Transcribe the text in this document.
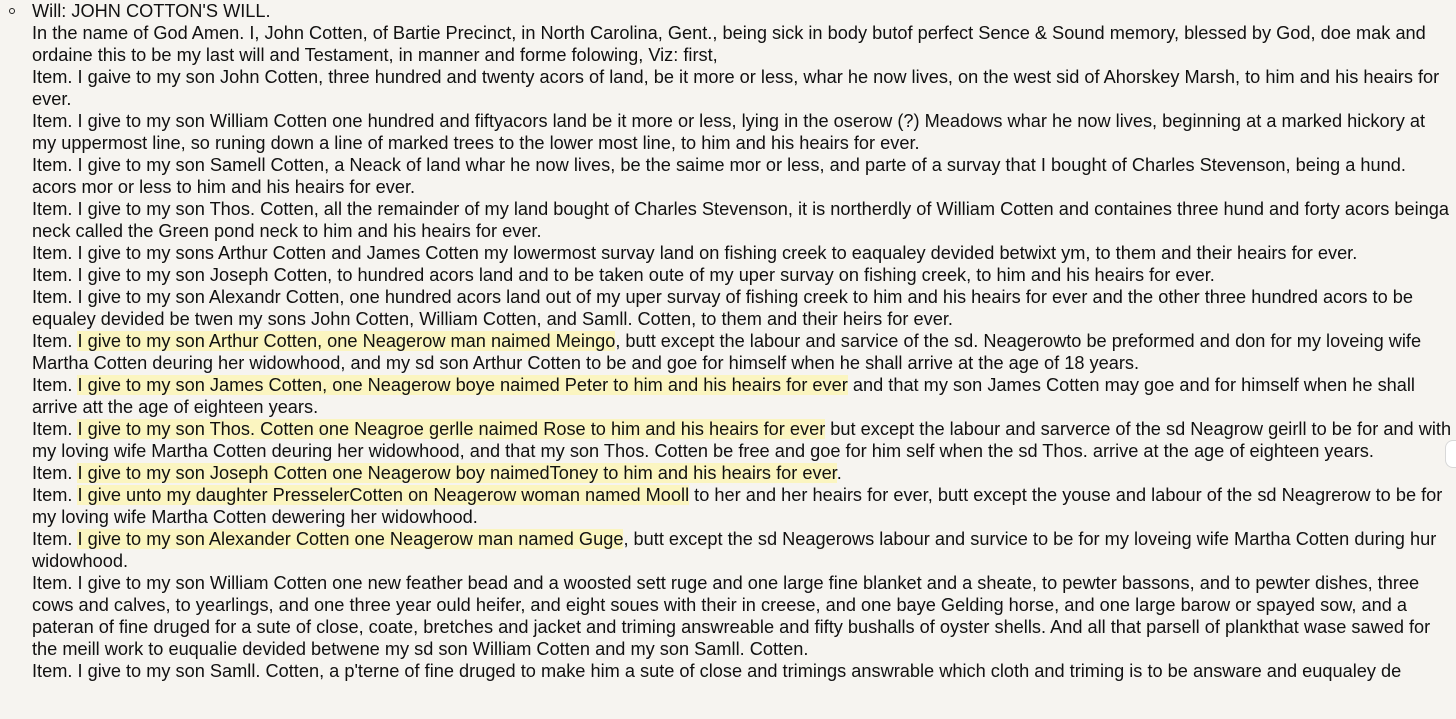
Will: JOHN COTTON'S WILL.
In the name of God Amen. I, John Cotten, of Bartie Precinct, in North Carolina, Gent., being sick in body butof perfect Sence & Sound memory, blessed by God, doe mak and ordaine this to be my last will and Testament, in manner and forme folowing, Viz: first,
Item. I gaive to my son John Cotten, three hundred and twenty acors of land, be it more or less, whar he now lives, on the west sid of Ahorskey Marsh, to him and his heairs for ever.
Item. I give to my son William Cotten one hundred and fiftyacors land be it more or less, lying in the oserow (?) Meadows whar he now lives, beginning at a marked hickory at my uppermost line, so runing down a line of marked trees to the lower most line, to him and his heairs for ever.
Item. I give to my son Samell Cotten, a Neack of land whar he now lives, be the saime mor or less, and parte of a survay that I bought of Charles Stevenson, being a hund. acors mor or less to him and his heairs for ever.
Item. I give to my son Thos. Cotten, all the remainder of my land bought of Charles Stevenson, it is northerdly of William Cotten and containes three hund and forty acors beinga neck called the Green pond neck to him and his heairs for ever.
Item. I give to my sons Arthur Cotten and James Cotten my lowermost survay land on fishing creek to eaqualey devided betwixt ym, to them and their heairs for ever.
Item. I give to my son Joseph Cotten, to hundred acors land and to be taken oute of my uper survay on fishing creek, to him and his heairs for ever.
Item. I give to my son Alexandr Cotten, one hundred acors land out of my uper survay of fishing creek to him and his heairs for ever and the other three hundred acors to be equaley devided be twen my sons John Cotten, William Cotten, and Samll. Cotten, to them and their heirs for ever.
Item. I give to my son Arthur Cotten, one Neagerow man naimed Meingo, butt except the labour and sarvice of the sd. Neagerowto be preformed and don for my loveing wife Martha Cotten deuring her widowhood, and my sd son Arthur Cotten to be and goe for himself when he shall arrive at the age of 18 years.
Item. I give to my son James Cotten, one Neagerow boye naimed Peter to him and his heairs for ever and that my son James Cotten may goe and for himself when he shall arrive att the age of eighteen years.
Item. I give to my son Thos. Cotten one Neagroe gerlle naimed Rose to him and his heairs for ever but except the labour and sarverce of the sd Neagrow geirll to be for and with my loving wife Martha Cotten deuring her widowhood, and that my son Thos. Cotten be free and goe for him self when the sd Thos. arrive at the age of eighteen years.
Item. I give to my son Joseph Cotten one Neagerow boy naimedToney to him and his heairs for ever.
Item. I give unto my daughter PresselerCotten on Neagerow woman named Mooll to her and her heairs for ever, butt except the youse and labour of the sd Neagrerow to be for my loving wife Martha Cotten dewering her widowhood.
Item. I give to my son Alexander Cotten one Neagerow man named Guge, butt except the sd Neagerows labour and survice to be for my loveing wife Martha Cotten during hur widowhood.
Item. I give to my son William Cotten one new feather bead and a woosted sett ruge and one large fine blanket and a sheate, to pewter bassons, and to pewter dishes, three cows and calves, to yearlings, and one three year ould heifer, and eight soues with their in creese, and one baye Gelding horse, and one large barow or spayed sow, and a pateran of fine druged for a sute of close, coate, bretches and jacket and triming answreable and fifty bushalls of oyster shells. And all that parsell of plankthat wase sawed for the meill work to euqualie devided betwene my sd son William Cotten and my son Samll. Cotten.
Item. I give to my son Samll. Cotten, a p'terne of fine druged to make him a sute of close and trimings answrable which cloth and triming is to be answare and euqualey de
